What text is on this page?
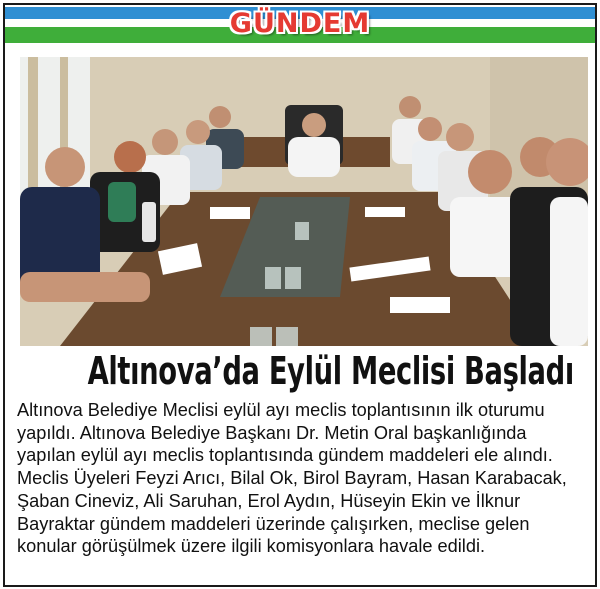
GÜNDEM
Altınova’da Eylül Meclisi Başladı
Altınova Belediye Meclisi eylül ayı meclis toplantısının ilk oturumu yapıldı. Altınova Belediye Başkanı Dr. Metin Oral başkanlığında yapılan eylül ayı meclis toplantısında gündem maddeleri ele alındı. Meclis Üyeleri Feyzi Arıcı, Bilal Ok, Birol Bayram, Hasan Karabacak, Şaban Cineviz, Ali Saruhan, Erol Aydın, Hüseyin Ekin ve İlknur Bayraktar gündem maddeleri üzerinde çalışırken, meclise gelen konular görüşülmek üzere ilgili komisyonlara havale edildi.
